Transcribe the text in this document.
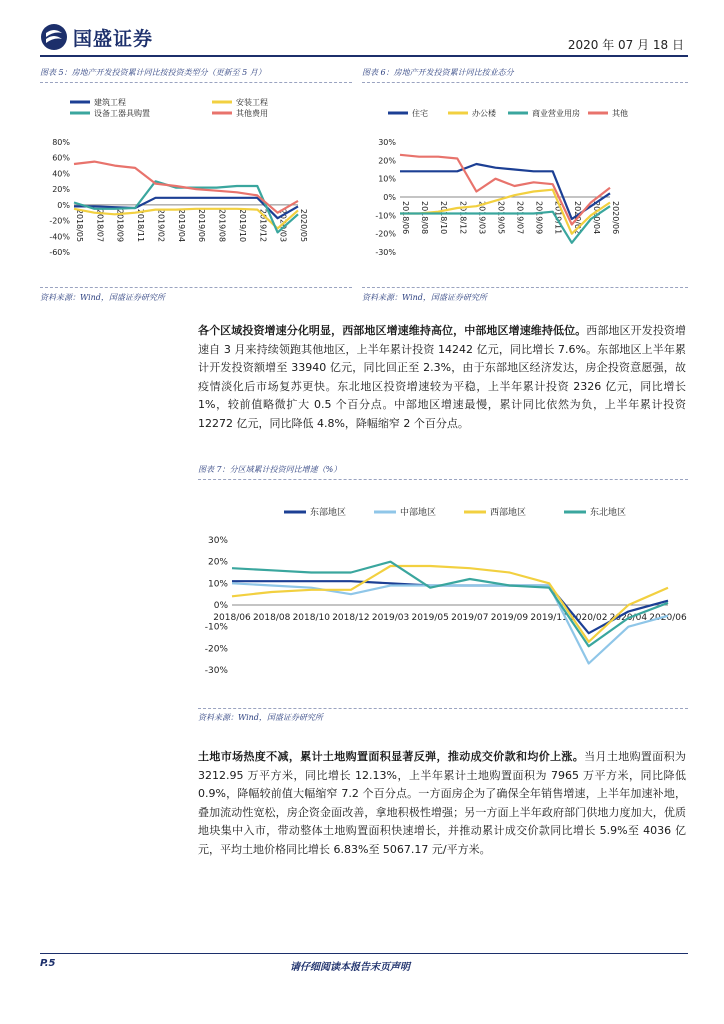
国盛证券	2020 年 07 月 18 日
图表 5：房地产开发投资累计同比按投资类型分（更新至 5 月）
建筑工程	安装工程
设备工器具购置	其他费用
80%
60%
40%
20%
0%
-20%
-40%
-60%
2018/05 2018/07 2018/09 2018/11 2019/02 2019/04 2019/06 2019/08 2019/10 2019/12 2020/03 2020/05
资料来源：Wind，国盛证券研究所
图表 6：房地产开发投资累计同比按业态分
住宅	办公楼	商业营业用房	其他
30%
20%
10%
0%
-10%
-20%
-30%
2018/06 2018/08 2018/10 2018/12 2019/03 2019/05 2019/07 2019/09 2019/11 2020/02 2020/04 2020/06
资料来源：Wind，国盛证券研究所
各个区域投资增速分化明显，西部地区增速维持高位，中部地区增速维持低位。西部地区开发投资增速自 3 月来持续领跑其他地区，上半年累计投资 14242 亿元，同比增长 7.6%。东部地区上半年累计开发投资额增至 33940 亿元，同比回正至 2.3%，由于东部地区经济发达，房企投资意愿强，故疫情淡化后市场复苏更快。东北地区投资增速较为平稳，上半年累计投资 2326 亿元，同比增长 1%，较前值略微扩大 0.5 个百分点。中部地区增速最慢，累计同比依然为负，上半年累计投资 12272 亿元，同比降低 4.8%，降幅缩窄 2 个百分点。
图表 7：分区域累计投资同比增速（%）
东部地区	中部地区	西部地区	东北地区
30%
20%
10%
0%
-10%
-20%
-30%
2018/06 2018/08 2018/10 2018/12 2019/03 2019/05 2019/07 2019/09 2019/11 2020/02 2020/04 2020/06
资料来源：Wind，国盛证券研究所
土地市场热度不减，累计土地购置面积显著反弹，推动成交价款和均价上涨。当月土地购置面积为 3212.95 万平方米，同比增长 12.13%，上半年累计土地购置面积为 7965 万平方米，同比降低 0.9%，降幅较前值大幅缩窄 7.2 个百分点。一方面房企为了确保全年销售增速，上半年加速补地，叠加流动性宽松，房企资金面改善，拿地积极性增强；另一方面上半年政府部门供地力度加大，优质地块集中入市，带动整体土地购置面积快速增长，并推动累计成交价款同比增长 5.9%至 4036 亿元，平均土地价格同比增长 6.83%至 5067.17 元/平方米。
P.5	请仔细阅读本报告末页声明
